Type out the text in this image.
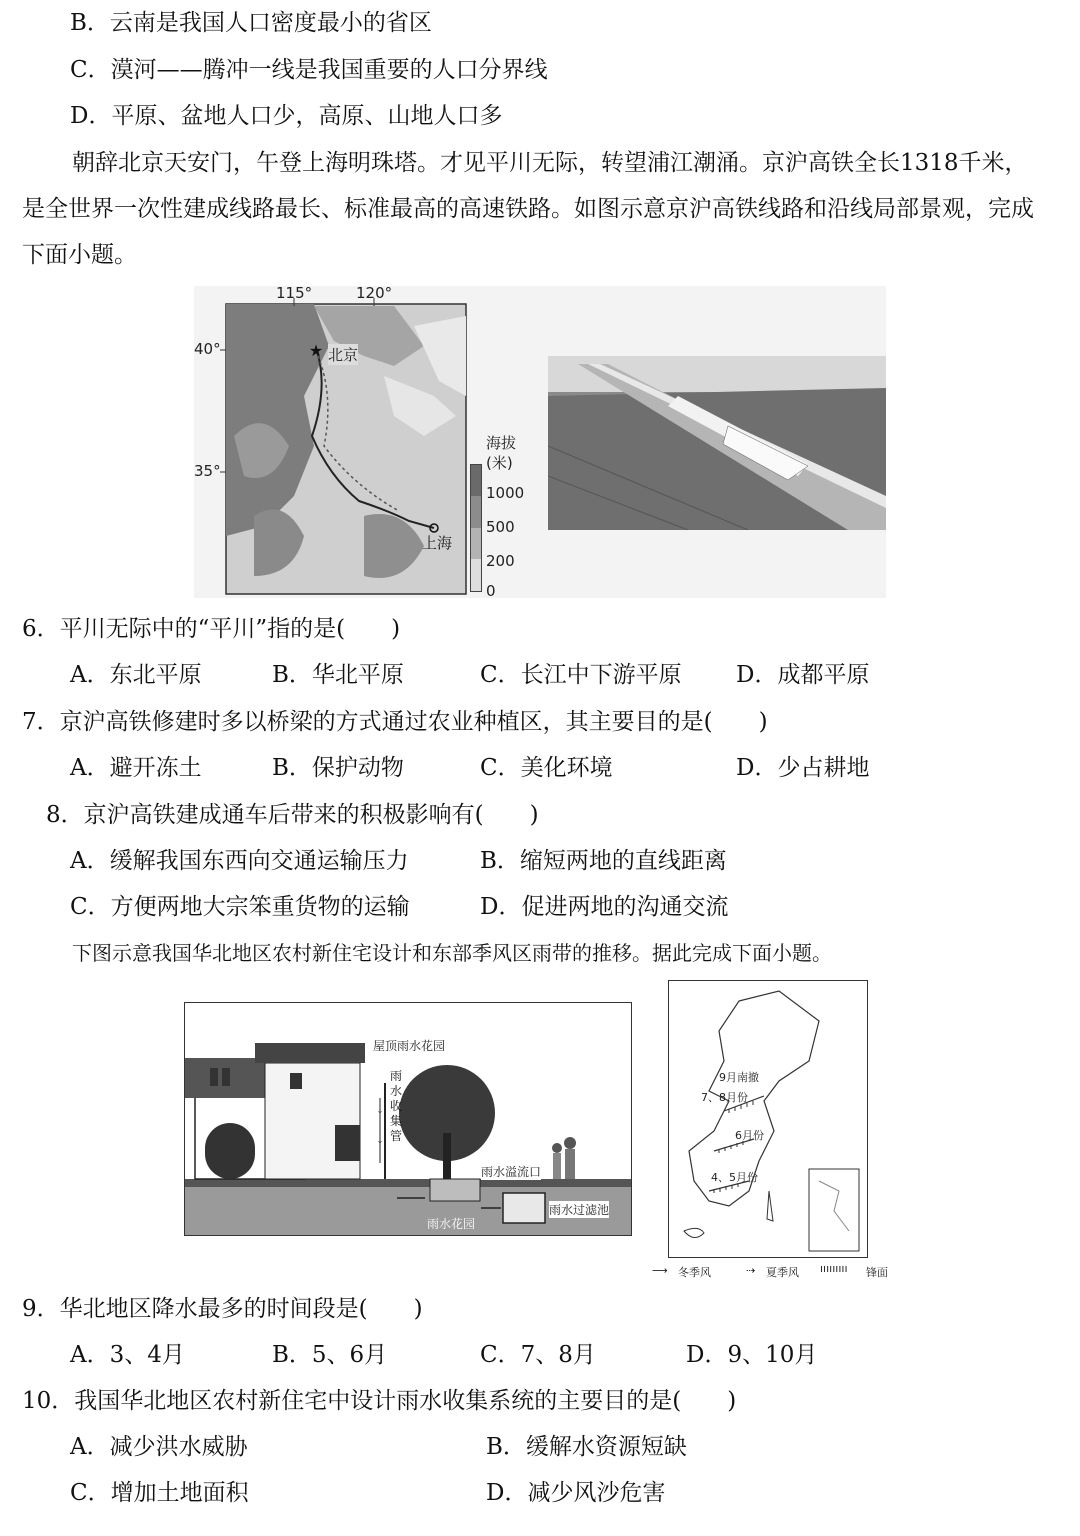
B．云南是我国人口密度最小的省区
C．漠河——腾冲一线是我国重要的人口分界线
D．平原、盆地人口少，高原、山地人口多
朝辞北京天安门，午登上海明珠塔。才见平川无际，转望浦江潮涌。京沪高铁全长1318千米，
是全世界一次性建成线路最长、标准最高的高速铁路。如图示意京沪高铁线路和沿线局部景观，完成
下面小题。
★
115°	120°
40°
35°
北京
上海
海拔
(米)
1000
500
200
0
6．平川无际中的“平川”指的是(　　)
A．东北平原	B．华北平原	C．长江中下游平原 D．成都平原
7．京沪高铁修建时多以桥梁的方式通过农业种植区，其主要目的是(　　)
A．避开冻土	B．保护动物	C．美化环境	D．少占耕地
8．京沪高铁建成通车后带来的积极影响有(　　)
A．缓解我国东西向交通运输压力	B．缩短两地的直线距离
C．方便两地大宗笨重货物的运输	D．促进两地的沟通交流
下图示意我国华北地区农村新住宅设计和东部季风区雨带的推移。据此完成下面小题。
↓
↓
屋顶雨水花园
雨
水
收
集
管
雨水溢流口
雨水花园
雨水过滤池
9月南撤
7、8月份
6月份
4、5月份
⟶ 冬季风	⇢ 夏季风 ııııııııı 锋面
9．华北地区降水最多的时间段是(　　)
A．3、4月	B．5、6月	C．7、8月	D．9、10月
10．我国华北地区农村新住宅中设计雨水收集系统的主要目的是(　　)
A．减少洪水威胁	B．缓解水资源短缺
C．增加土地面积	D．减少风沙危害
